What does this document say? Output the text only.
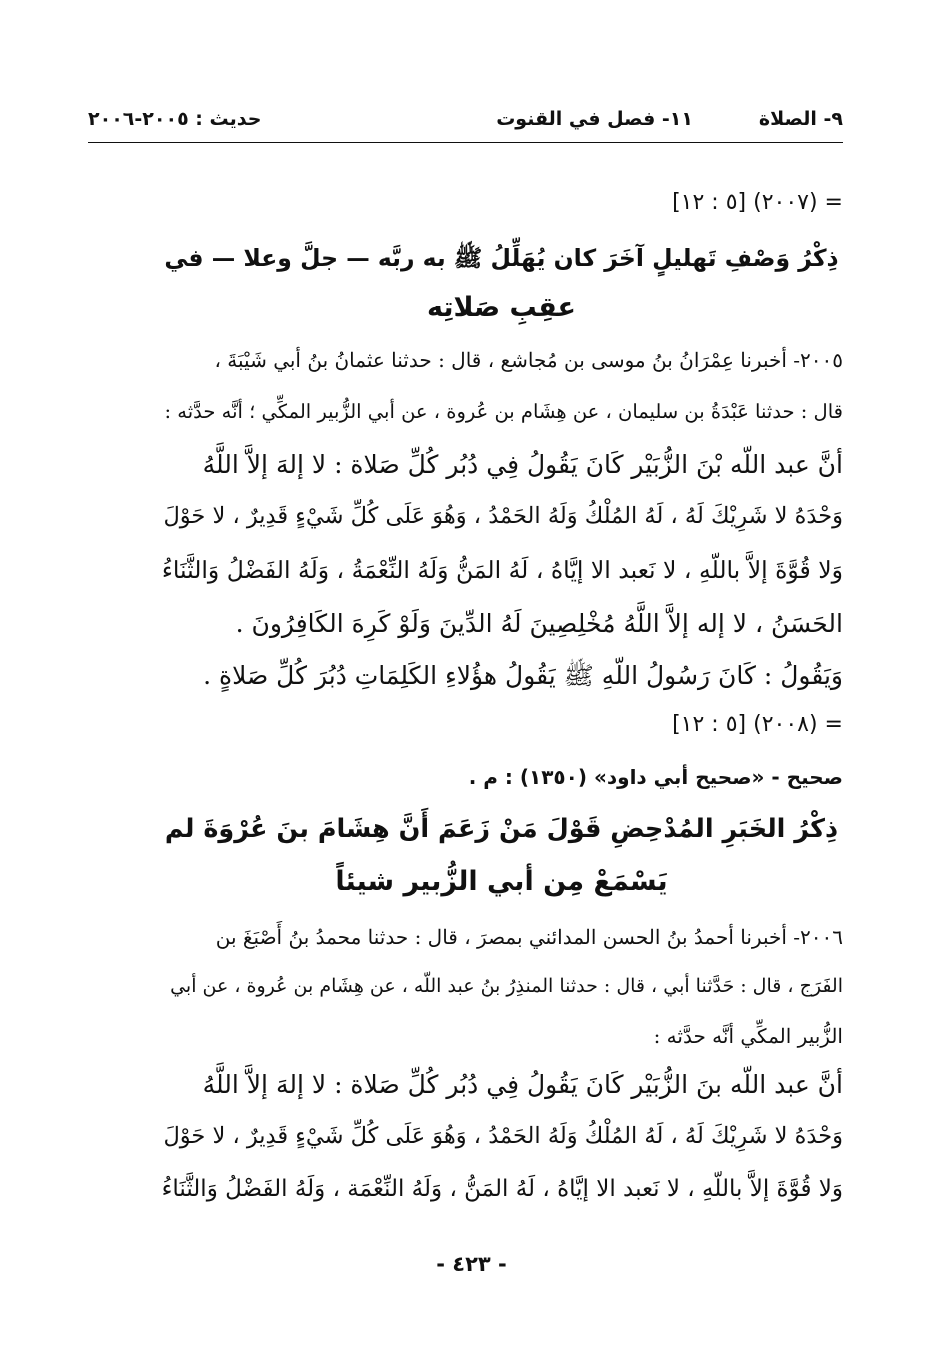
٩- الصلاة
١١- فصل في القنوت
حديث : ٢٠٠٥-٢٠٠٦
= (٢٠٠٧) [٥ : ١٢]
ذِكْرُ وَصْفِ تَهليلٍ آخَرَ كان يُهَلِّلُ ﷺ به ربَّه — جلَّ وعلا — في
عقِبِ صَلاتِه
٢٠٠٥- أخبرنا عِمْرَانُ بنُ موسى بن مُجاشع ، قال : حدثنا عثمانُ بنُ أبي شَيْبَةَ ،
قال : حدثنا عَبْدَةُ بن سليمان ، عن هِشَام بن عُروة ، عن أبي الزُّبير المكِّي ؛ أنَّه حدَّثه :
أنَّ عبد اللّه بْنَ الزُّبَيْر كَانَ يَقُولُ فِي دُبُر كُلِّ صَلاة : لا إلهَ إلاَّ اللَّهُ
وَحْدَهُ لا شَرِيْكَ لَهُ ، لَهُ المُلْكُ وَلَهُ الحَمْدُ ، وَهُوَ عَلَى كُلِّ شَيْءٍ قَدِيرٌ ، لا حَوْلَ
وَلا قُوَّةَ إلاَّ باللّهِ ، لا نَعبد الا إيَّاهُ ، لَهُ المَنُّ وَلَهُ النِّعْمَةُ ، وَلَهُ الفَضْلُ وَالثَّنَاءُ
الحَسَنُ ، لا إله إلاَّ اللَّهُ مُخْلِصِينَ لَهُ الدِّينَ وَلَوْ كَرِهَ الكَافِرُونَ .
وَيَقُولُ : كَانَ رَسُولُ اللّهِ ﷺ يَقُولُ هؤُلاءِ الكَلِمَاتِ دُبُرَ كُلِّ صَلاةٍ .
= (٢٠٠٨) [٥ : ١٢]
صحيح - «صحيح أبي داود» (١٣٥٠) : م .
ذِكْرُ الخَبَرِ المُدْحِضِ قَوْلَ مَنْ زَعَمَ أَنَّ هِشَامَ بنَ عُرْوَةَ لم
يَسْمَعْ مِن أبي الزُّبير شيئاً
٢٠٠٦- أخبرنا أحمدُ بنُ الحسن المدائني بمصرَ ، قال : حدثنا محمدُ بنُ أَصْبَغَ بن
الفَرَج ، قال : حَدَّثنا أبي ، قال : حدثنا المنذِرُ بنُ عبد اللّه ، عن هِشَام بن عُروة ، عن أبي
الزُّبير المكِّي أنَّه حدَّثه :
أنَّ عبد اللّه بنَ الزُّبَيْر كَانَ يَقُولُ فِي دُبُر كُلِّ صَلاة : لا إلهَ إلاَّ اللَّهُ
وَحْدَهُ لا شَرِيْكَ لَهُ ، لَهُ المُلْكُ وَلَهُ الحَمْدُ ، وَهُوَ عَلَى كُلِّ شَيْءٍ قَدِيرٌ ، لا حَوْلَ
وَلا قُوَّةَ إلاَّ باللّهِ ، لا نَعبد الا إيَّاهُ ، لَهُ المَنُّ ، وَلَهُ النِّعْمَة ، وَلَهُ الفَضْلُ وَالثَّنَاءُ
- ٤٢٣ -
